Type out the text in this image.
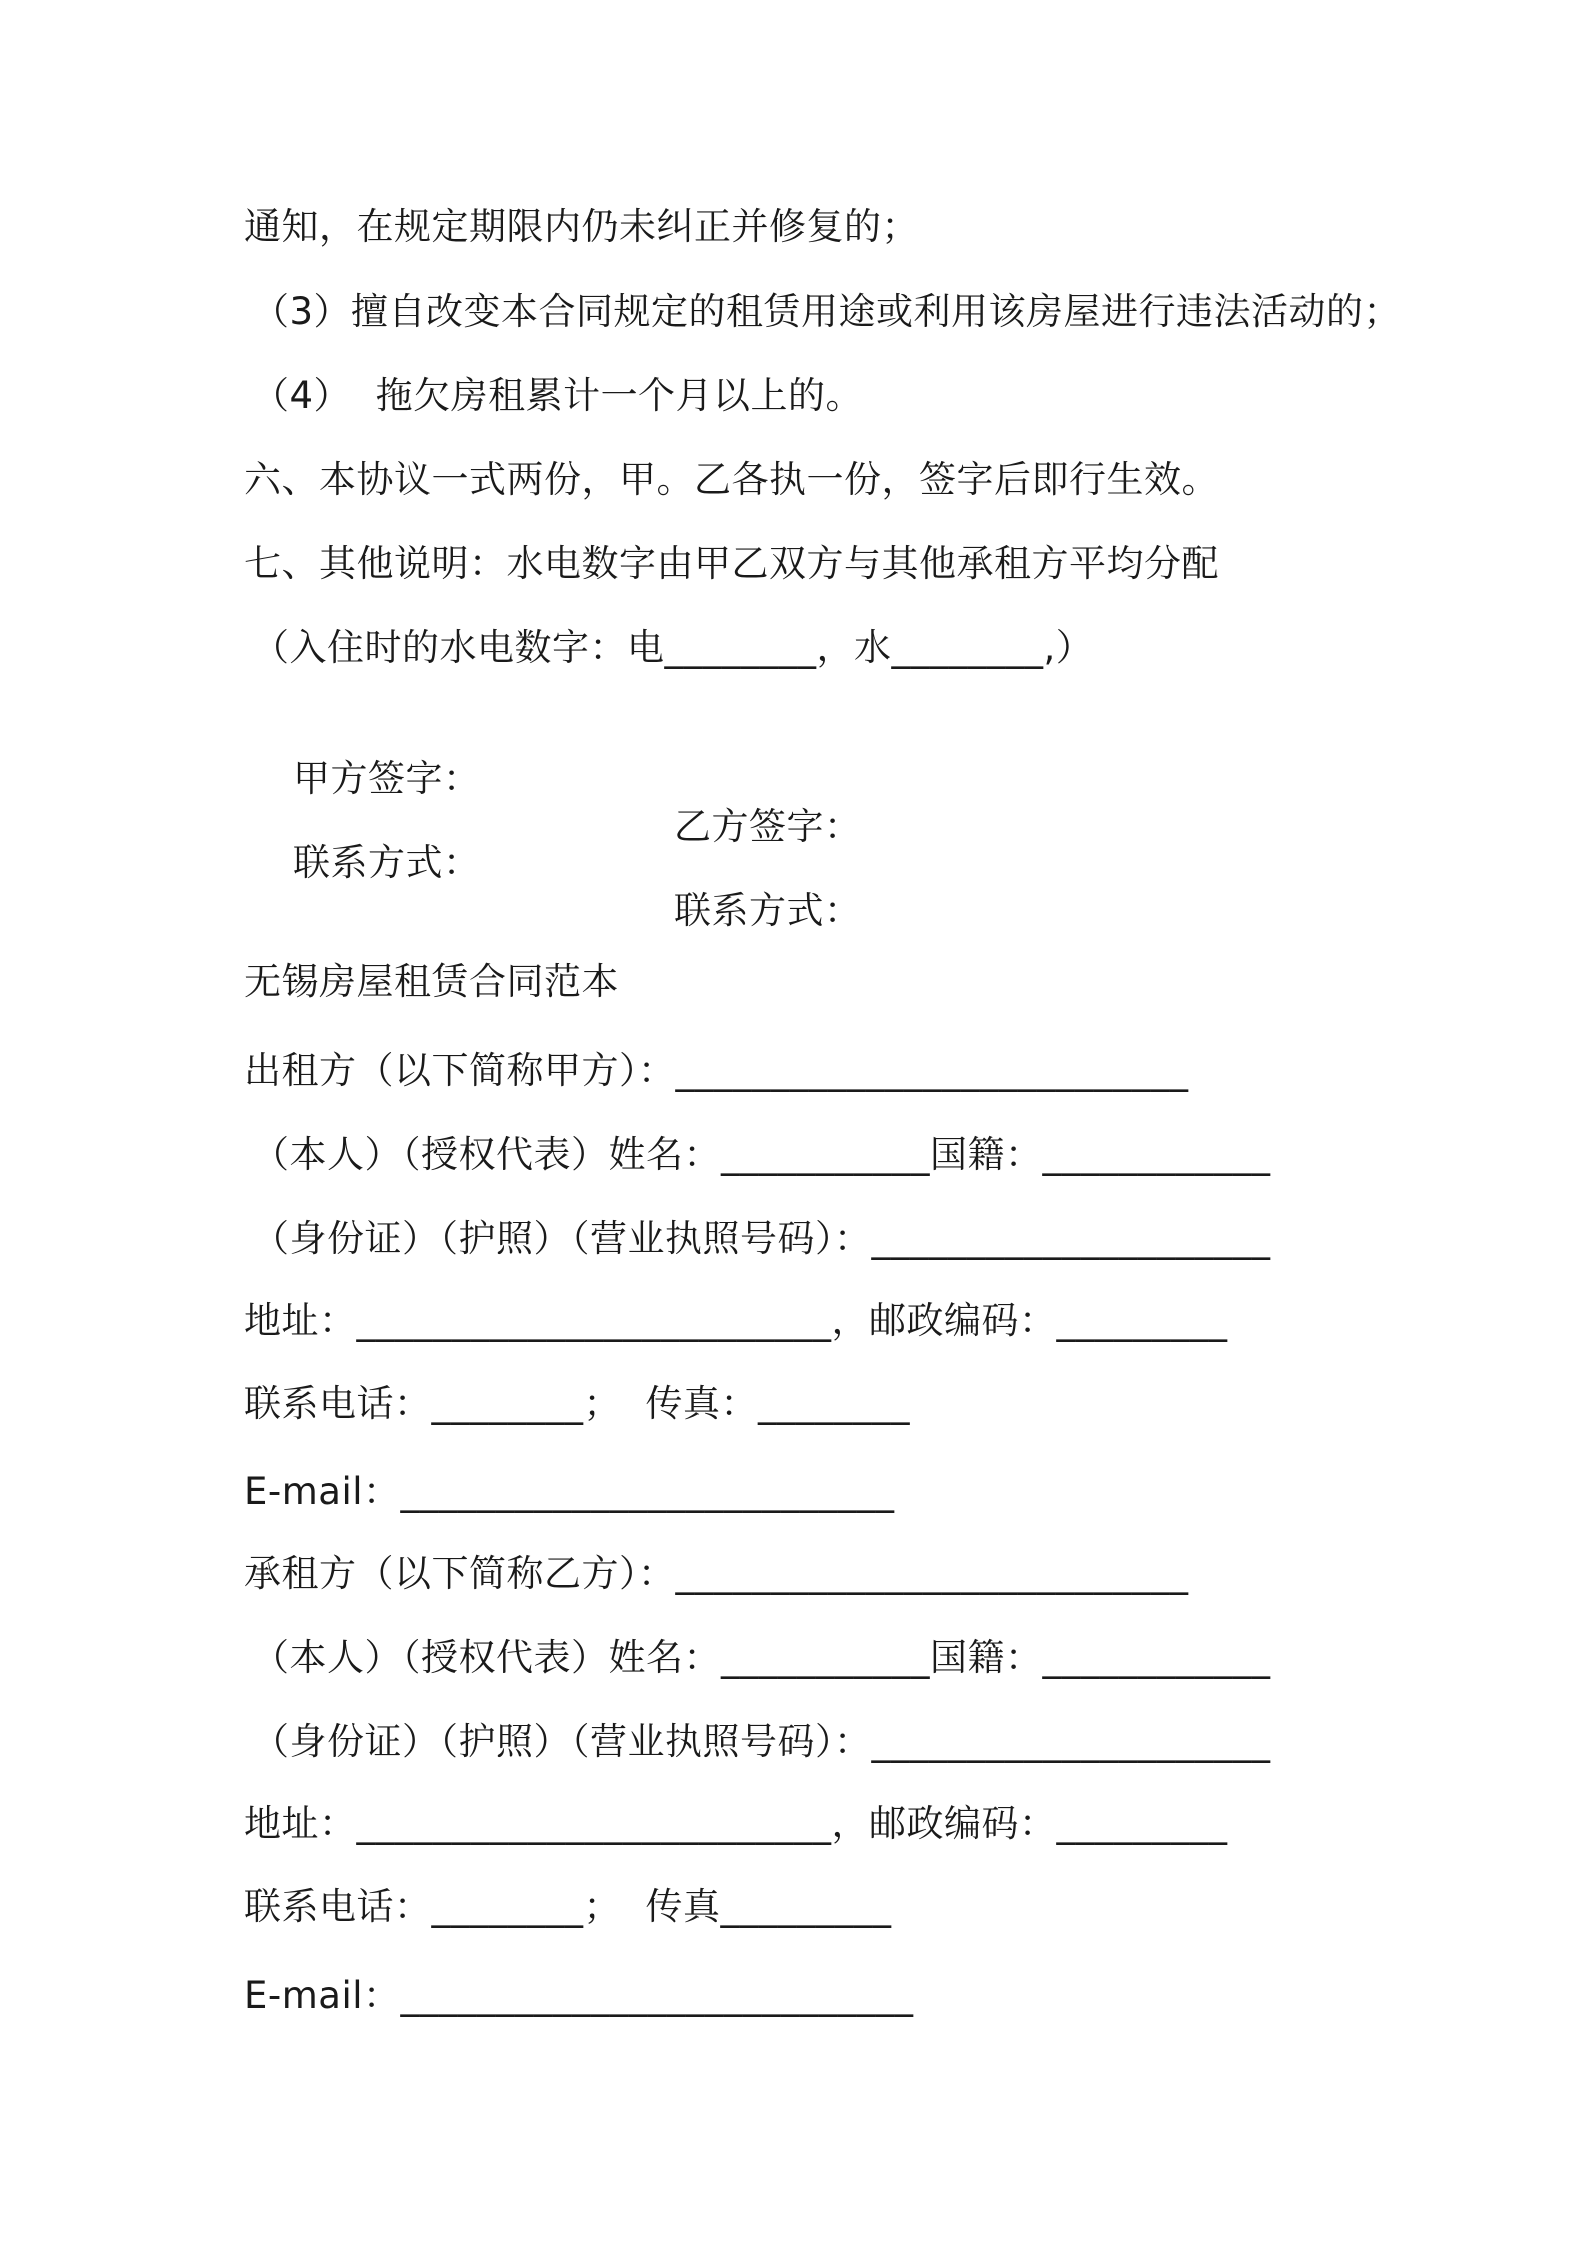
通知，在规定期限内仍未纠正并修复的；
（3）擅自改变本合同规定的租赁用途或利用该房屋进行违法活动的；
（4）  拖欠房租累计一个月以上的。
六、本协议一式两份，甲。乙各执一份，签字后即行生效。
七、其他说明：水电数字由甲乙双方与其他承租方平均分配
（入住时的水电数字：电________，水________,）

甲方签字：

乙方签字：

联系方式：

联系方式：

无锡房屋租赁合同范本
出租方（以下简称甲方）：___________________________
（本人）（授权代表）姓名：___________国籍：____________
（身份证）（护照）（营业执照号码）：_____________________
地址：_________________________，邮政编码：_________
联系电话：________；  传真：________
E-mail：__________________________
承租方（以下简称乙方）：___________________________
（本人）（授权代表）姓名：___________国籍：____________
（身份证）（护照）（营业执照号码）：_____________________
地址：_________________________，邮政编码：_________
联系电话：________；  传真_________
E-mail：___________________________
